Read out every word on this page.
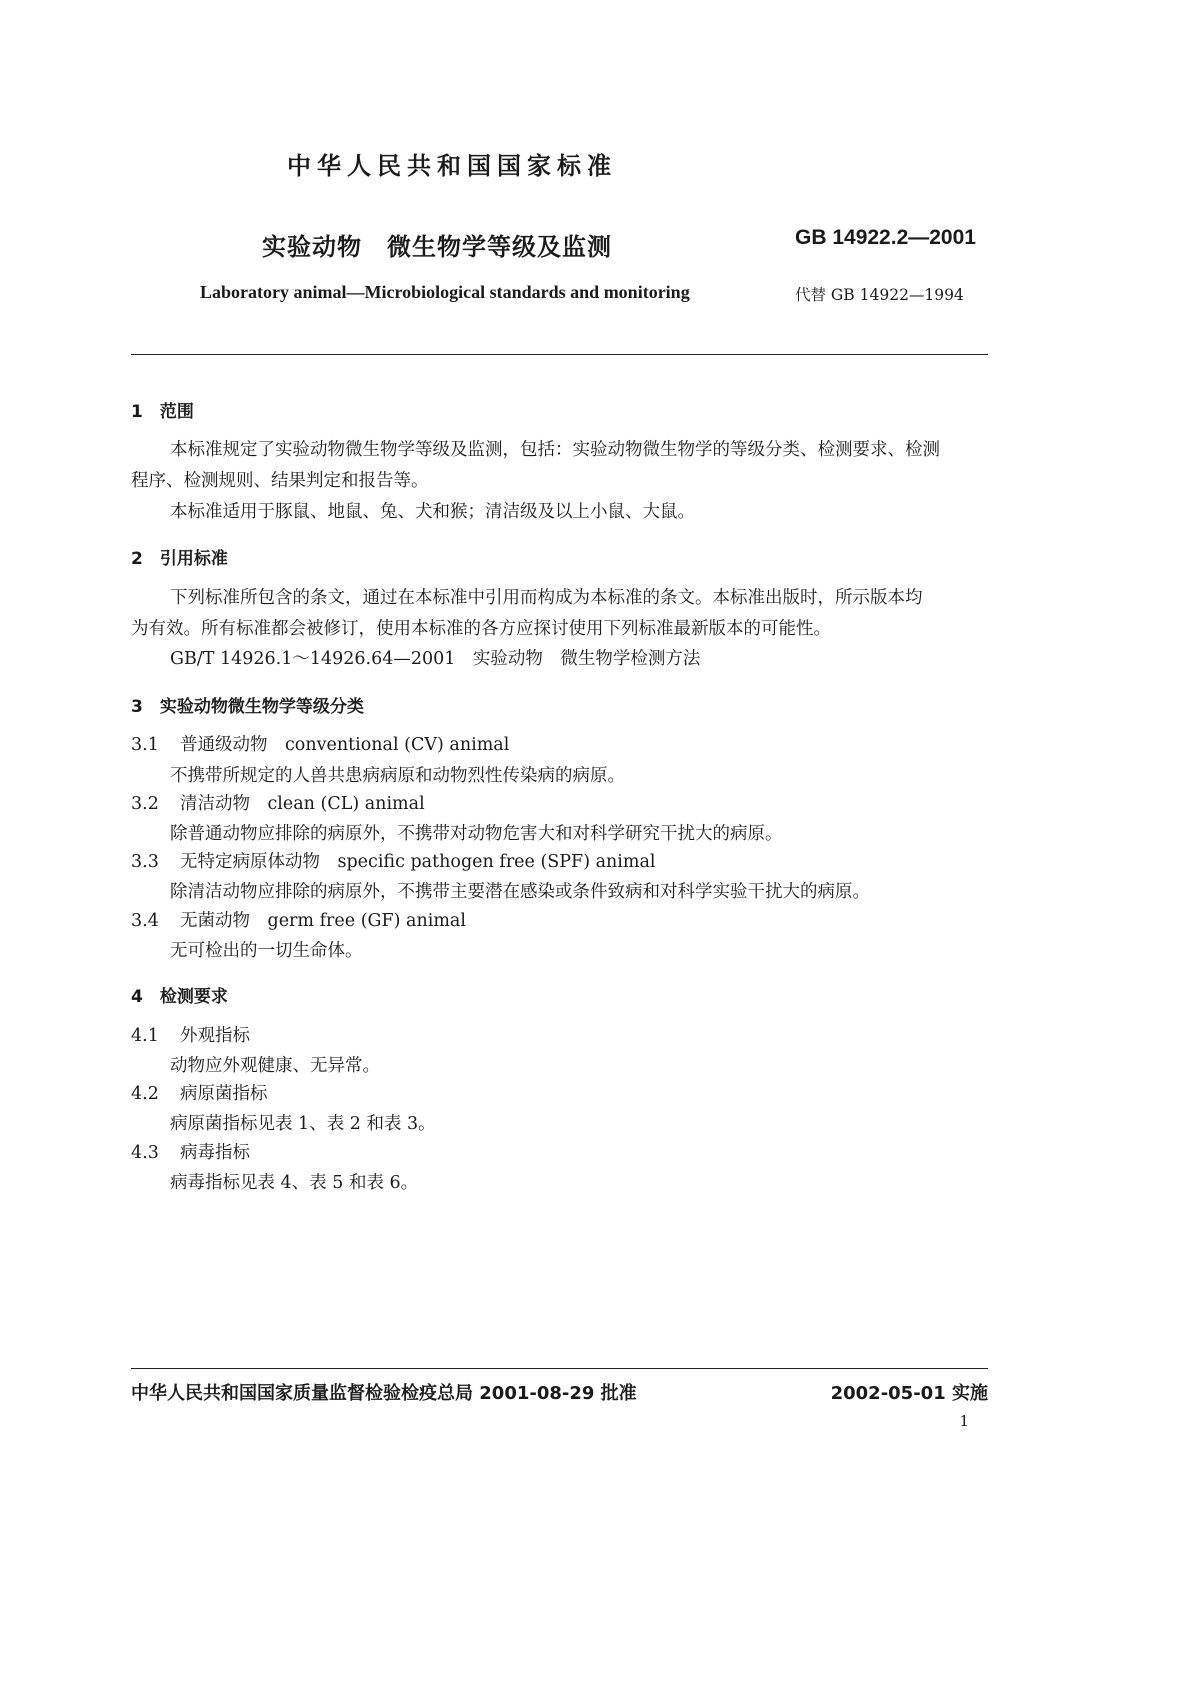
中华人民共和国国家标准
实验动物　微生物学等级及监测	GB 14922.2—2001
Laboratory animal—Microbiological standards and monitoring	代替 GB 14922—1994
1　范围
本标准规定了实验动物微生物学等级及监测，包括：实验动物微生物学的等级分类、检测要求、检测
程序、检测规则、结果判定和报告等。
本标准适用于豚鼠、地鼠、兔、犬和猴；清洁级及以上小鼠、大鼠。
2　引用标准
下列标准所包含的条文，通过在本标准中引用而构成为本标准的条文。本标准出版时，所示版本均
为有效。所有标准都会被修订，使用本标准的各方应探讨使用下列标准最新版本的可能性。
GB/T 14926.1～14926.64—2001　实验动物　微生物学检测方法
3　实验动物微生物学等级分类
3.1 普通级动物　conventional (CV) animal
不携带所规定的人兽共患病病原和动物烈性传染病的病原。
3.2 清洁动物　clean (CL) animal
除普通动物应排除的病原外，不携带对动物危害大和对科学研究干扰大的病原。
3.3 无特定病原体动物　specific pathogen free (SPF) animal
除清洁动物应排除的病原外，不携带主要潜在感染或条件致病和对科学实验干扰大的病原。
3.4 无菌动物　germ free (GF) animal
无可检出的一切生命体。
4　检测要求
4.1 外观指标
动物应外观健康、无异常。
4.2 病原菌指标
病原菌指标见表 1、表 2 和表 3。
4.3 病毒指标
病毒指标见表 4、表 5 和表 6。
中华人民共和国国家质量监督检验检疫总局 2001-08-29 批准	2002-05-01 实施
1
